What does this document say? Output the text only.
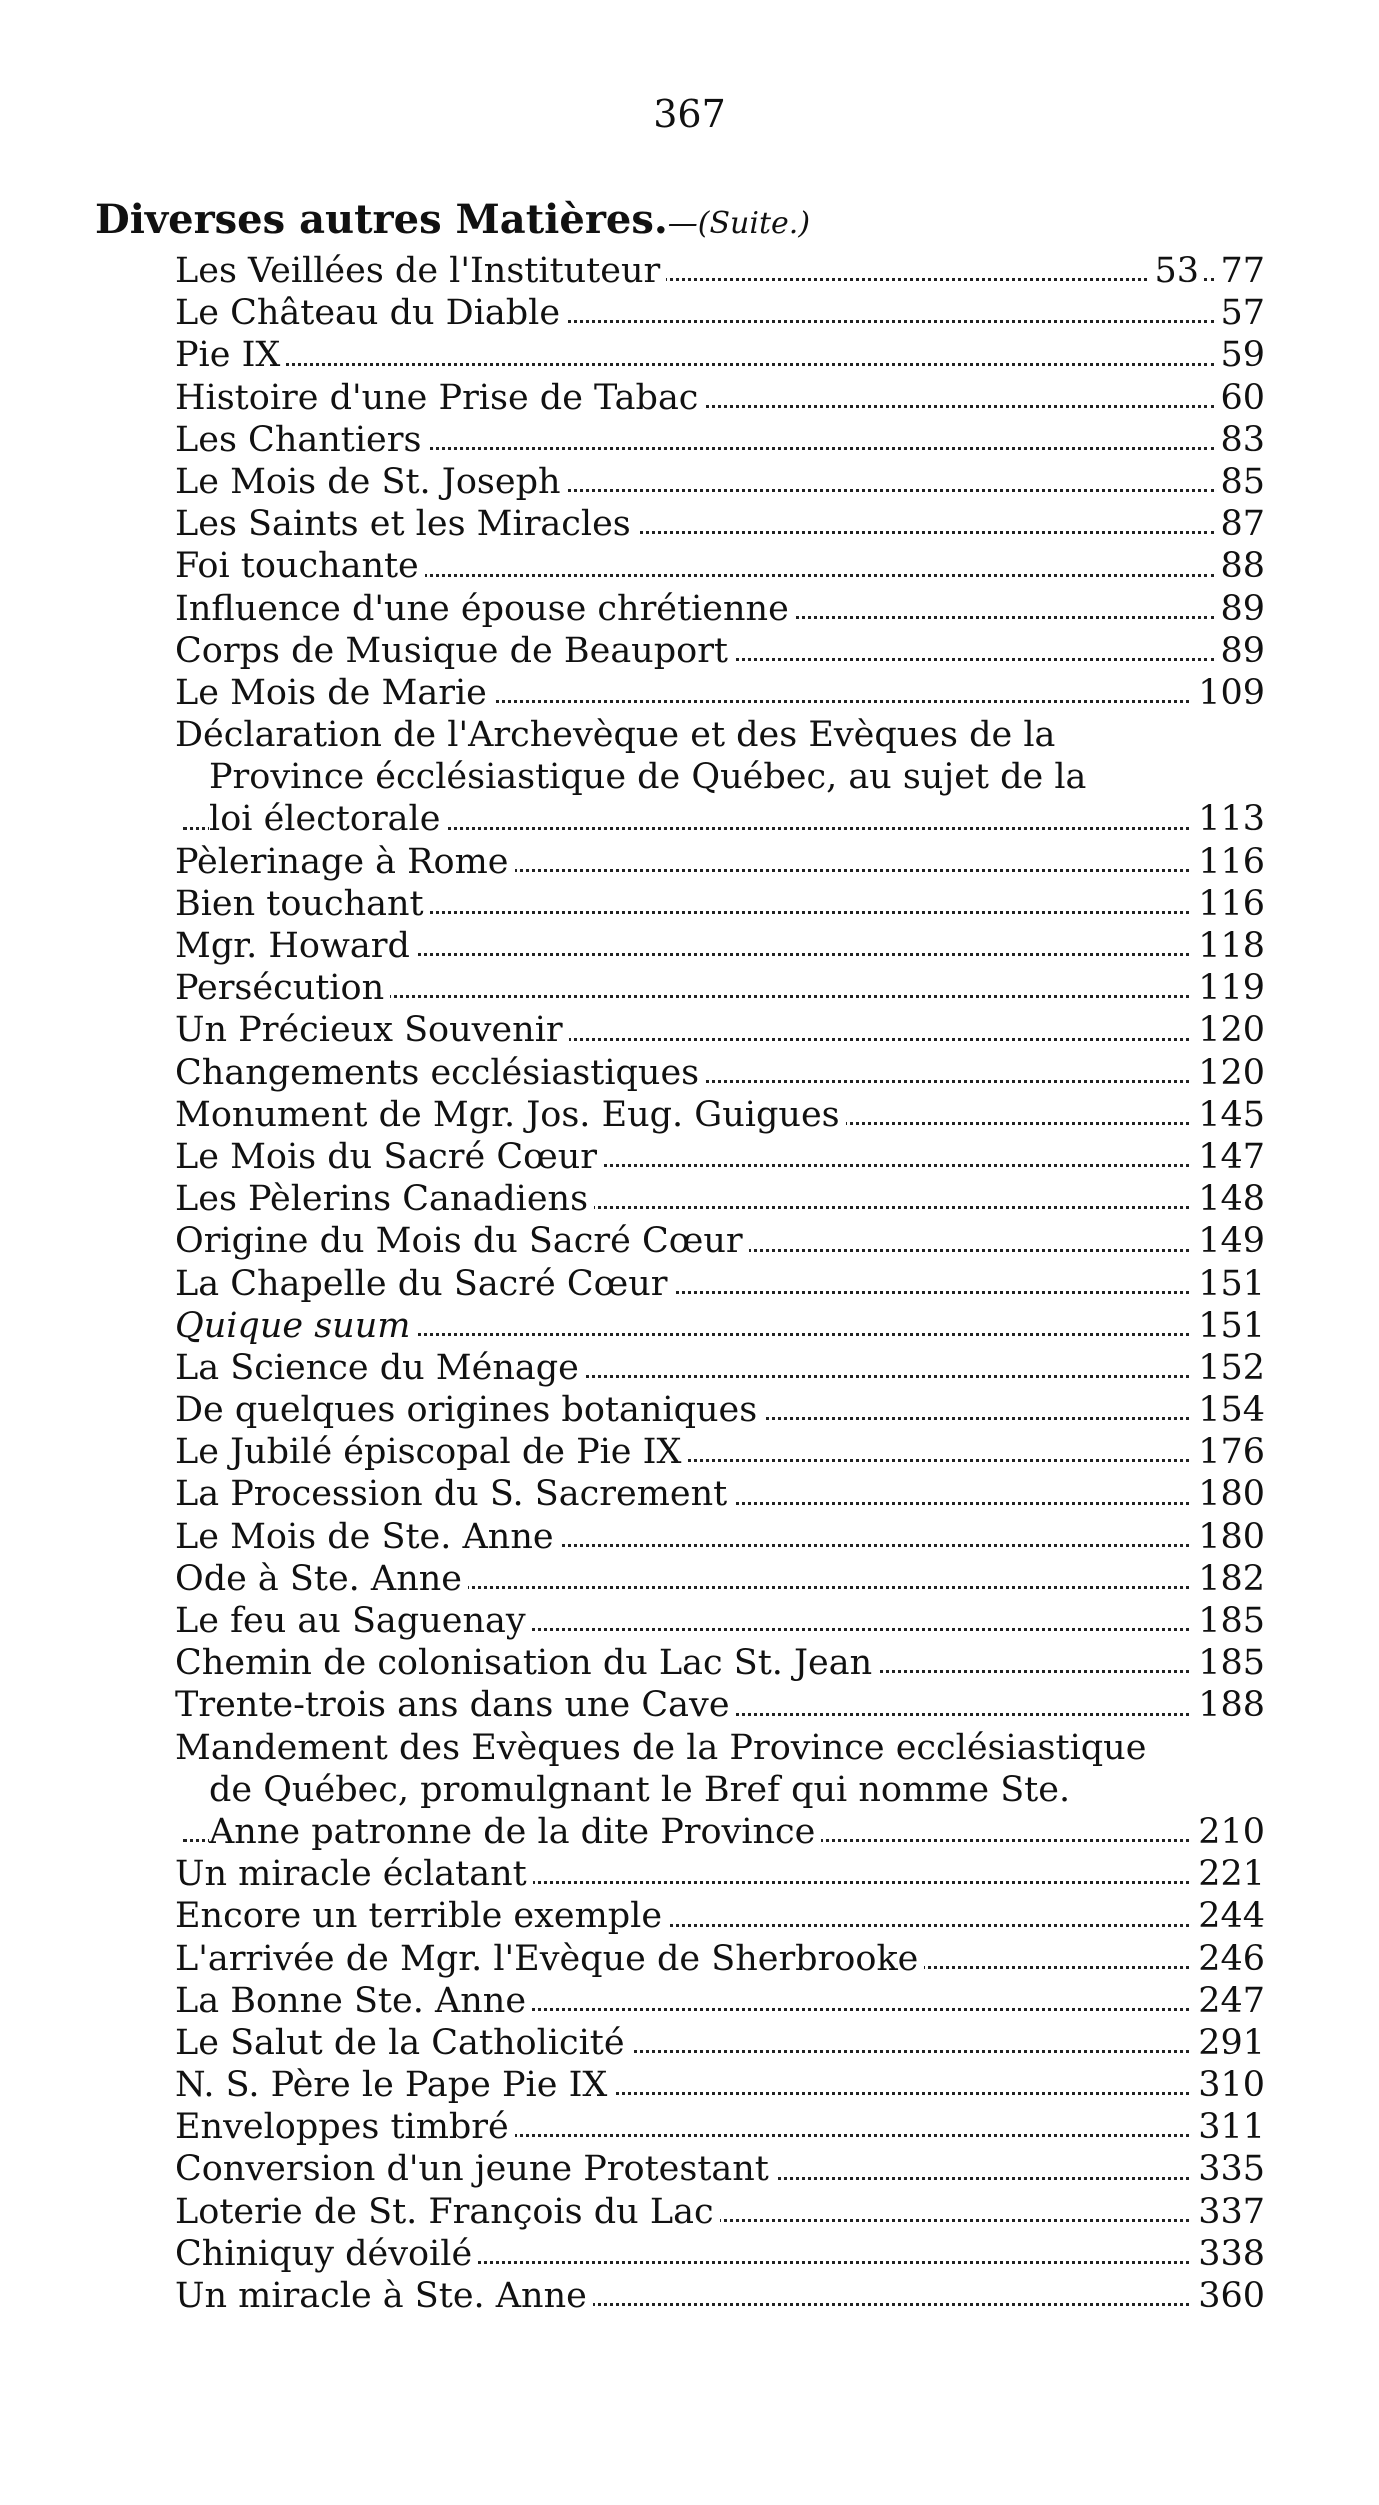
367
Diverses autres Matières.—(Suite.)
Les Veillées de l'Instituteur	53 77
Le Château du Diable	57
Pie IX	59
Histoire d'une Prise de Tabac	60
Les Chantiers	83
Le Mois de St. Joseph	85
Les Saints et les Miracles	87
Foi touchante	88
Influence d'une épouse chrétienne	89
Corps de Musique de Beauport	89
Le Mois de Marie	109
Déclaration de l'Archevèque et des Evèques de la
Province écclésiastique de Québec, au sujet de la
loi électorale	113
Pèlerinage à Rome	116
Bien touchant	116
Mgr. Howard	118
Persécution	119
Un Précieux Souvenir	120
Changements ecclésiastiques	120
Monument de Mgr. Jos. Eug. Guigues	145
Le Mois du Sacré Cœur	147
Les Pèlerins Canadiens	148
Origine du Mois du Sacré Cœur	149
La Chapelle du Sacré Cœur	151
Quique suum	151
La Science du Ménage	152
De quelques origines botaniques	154
Le Jubilé épiscopal de Pie IX	176
La Procession du S. Sacrement	180
Le Mois de Ste. Anne	180
Ode à Ste. Anne	182
Le feu au Saguenay	185
Chemin de colonisation du Lac St. Jean	185
Trente-trois ans dans une Cave	188
Mandement des Evèques de la Province ecclésiastique
de Québec, promulgnant le Bref qui nomme Ste.
Anne patronne de la dite Province	210
Un miracle éclatant	221
Encore un terrible exemple	244
L'arrivée de Mgr. l'Evèque de Sherbrooke	246
La Bonne Ste. Anne	247
Le Salut de la Catholicité	291
N. S. Père le Pape Pie IX	310
Enveloppes timbré	311
Conversion d'un jeune Protestant	335
Loterie de St. François du Lac	337
Chiniquy dévoilé	338
Un miracle à Ste. Anne	360
